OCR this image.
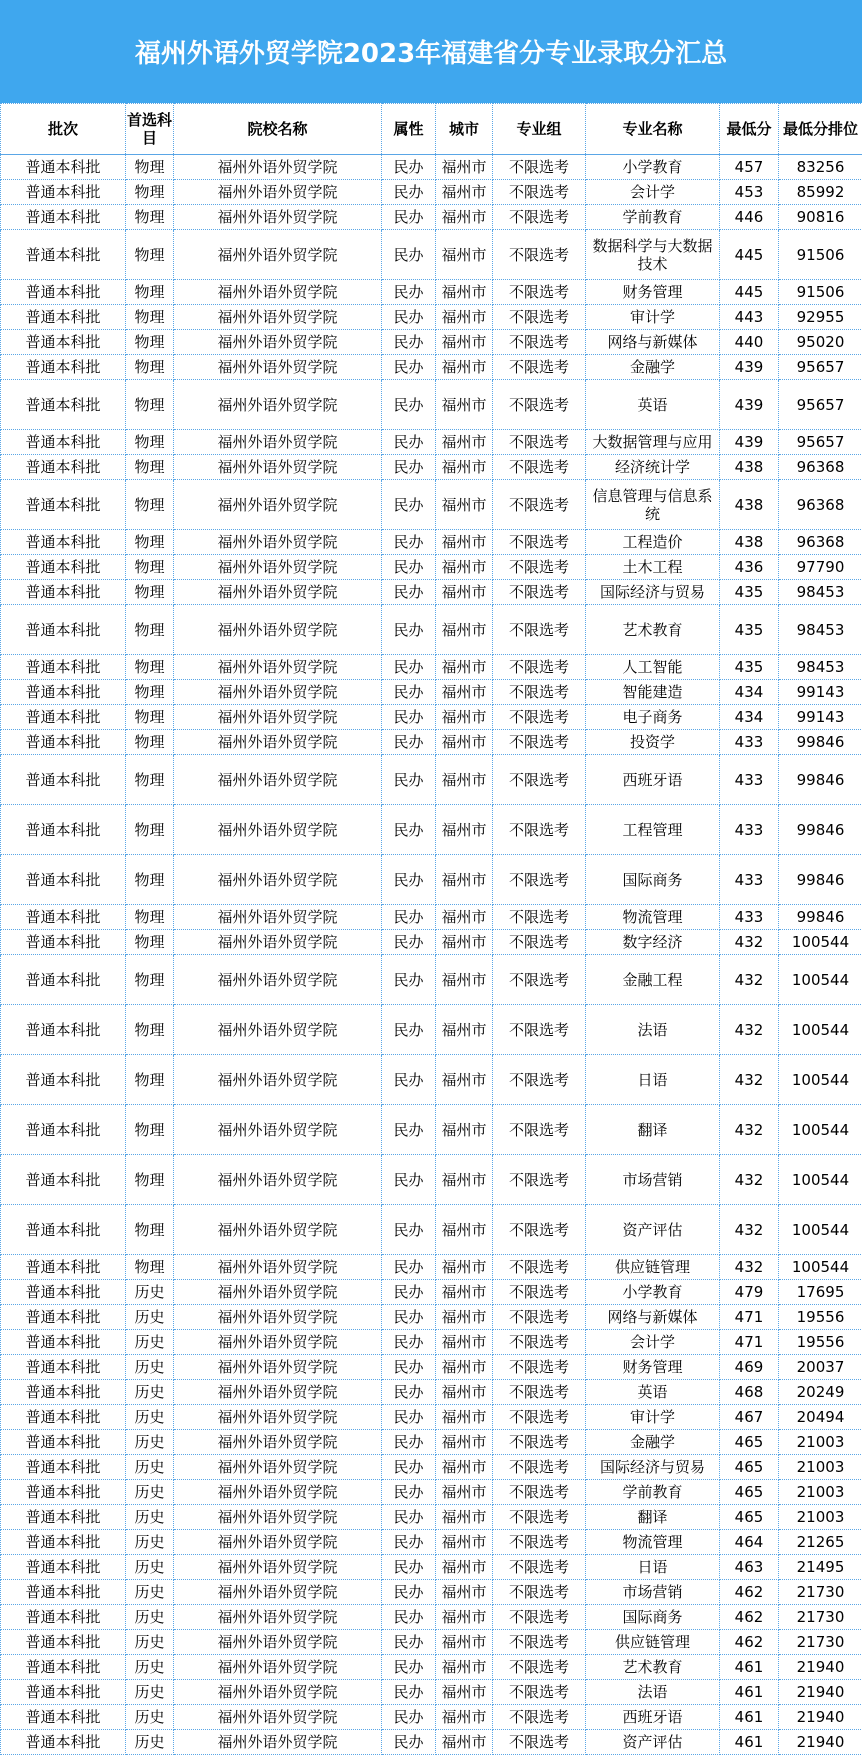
福州外语外贸学院2023年福建省分专业录取分汇总
批次	首选科目	院校名称	属性	城市	专业组	专业名称	最低分	最低分排位
普通本科批	物理	福州外语外贸学院	民办	福州市	不限选考	小学教育	457	83256
普通本科批	物理	福州外语外贸学院	民办	福州市	不限选考	会计学	453	85992
普通本科批	物理	福州外语外贸学院	民办	福州市	不限选考	学前教育	446	90816
普通本科批	物理	福州外语外贸学院	民办	福州市	不限选考	数据科学与大数据技术	445	91506
普通本科批	物理	福州外语外贸学院	民办	福州市	不限选考	财务管理	445	91506
普通本科批	物理	福州外语外贸学院	民办	福州市	不限选考	审计学	443	92955
普通本科批	物理	福州外语外贸学院	民办	福州市	不限选考	网络与新媒体	440	95020
普通本科批	物理	福州外语外贸学院	民办	福州市	不限选考	金融学	439	95657
普通本科批	物理	福州外语外贸学院	民办	福州市	不限选考	英语	439	95657
普通本科批	物理	福州外语外贸学院	民办	福州市	不限选考	大数据管理与应用	439	95657
普通本科批	物理	福州外语外贸学院	民办	福州市	不限选考	经济统计学	438	96368
普通本科批	物理	福州外语外贸学院	民办	福州市	不限选考	信息管理与信息系统	438	96368
普通本科批	物理	福州外语外贸学院	民办	福州市	不限选考	工程造价	438	96368
普通本科批	物理	福州外语外贸学院	民办	福州市	不限选考	土木工程	436	97790
普通本科批	物理	福州外语外贸学院	民办	福州市	不限选考	国际经济与贸易	435	98453
普通本科批	物理	福州外语外贸学院	民办	福州市	不限选考	艺术教育	435	98453
普通本科批	物理	福州外语外贸学院	民办	福州市	不限选考	人工智能	435	98453
普通本科批	物理	福州外语外贸学院	民办	福州市	不限选考	智能建造	434	99143
普通本科批	物理	福州外语外贸学院	民办	福州市	不限选考	电子商务	434	99143
普通本科批	物理	福州外语外贸学院	民办	福州市	不限选考	投资学	433	99846
普通本科批	物理	福州外语外贸学院	民办	福州市	不限选考	西班牙语	433	99846
普通本科批	物理	福州外语外贸学院	民办	福州市	不限选考	工程管理	433	99846
普通本科批	物理	福州外语外贸学院	民办	福州市	不限选考	国际商务	433	99846
普通本科批	物理	福州外语外贸学院	民办	福州市	不限选考	物流管理	433	99846
普通本科批	物理	福州外语外贸学院	民办	福州市	不限选考	数字经济	432	100544
普通本科批	物理	福州外语外贸学院	民办	福州市	不限选考	金融工程	432	100544
普通本科批	物理	福州外语外贸学院	民办	福州市	不限选考	法语	432	100544
普通本科批	物理	福州外语外贸学院	民办	福州市	不限选考	日语	432	100544
普通本科批	物理	福州外语外贸学院	民办	福州市	不限选考	翻译	432	100544
普通本科批	物理	福州外语外贸学院	民办	福州市	不限选考	市场营销	432	100544
普通本科批	物理	福州外语外贸学院	民办	福州市	不限选考	资产评估	432	100544
普通本科批	物理	福州外语外贸学院	民办	福州市	不限选考	供应链管理	432	100544
普通本科批	历史	福州外语外贸学院	民办	福州市	不限选考	小学教育	479	17695
普通本科批	历史	福州外语外贸学院	民办	福州市	不限选考	网络与新媒体	471	19556
普通本科批	历史	福州外语外贸学院	民办	福州市	不限选考	会计学	471	19556
普通本科批	历史	福州外语外贸学院	民办	福州市	不限选考	财务管理	469	20037
普通本科批	历史	福州外语外贸学院	民办	福州市	不限选考	英语	468	20249
普通本科批	历史	福州外语外贸学院	民办	福州市	不限选考	审计学	467	20494
普通本科批	历史	福州外语外贸学院	民办	福州市	不限选考	金融学	465	21003
普通本科批	历史	福州外语外贸学院	民办	福州市	不限选考	国际经济与贸易	465	21003
普通本科批	历史	福州外语外贸学院	民办	福州市	不限选考	学前教育	465	21003
普通本科批	历史	福州外语外贸学院	民办	福州市	不限选考	翻译	465	21003
普通本科批	历史	福州外语外贸学院	民办	福州市	不限选考	物流管理	464	21265
普通本科批	历史	福州外语外贸学院	民办	福州市	不限选考	日语	463	21495
普通本科批	历史	福州外语外贸学院	民办	福州市	不限选考	市场营销	462	21730
普通本科批	历史	福州外语外贸学院	民办	福州市	不限选考	国际商务	462	21730
普通本科批	历史	福州外语外贸学院	民办	福州市	不限选考	供应链管理	462	21730
普通本科批	历史	福州外语外贸学院	民办	福州市	不限选考	艺术教育	461	21940
普通本科批	历史	福州外语外贸学院	民办	福州市	不限选考	法语	461	21940
普通本科批	历史	福州外语外贸学院	民办	福州市	不限选考	西班牙语	461	21940
普通本科批	历史	福州外语外贸学院	民办	福州市	不限选考	资产评估	461	21940
